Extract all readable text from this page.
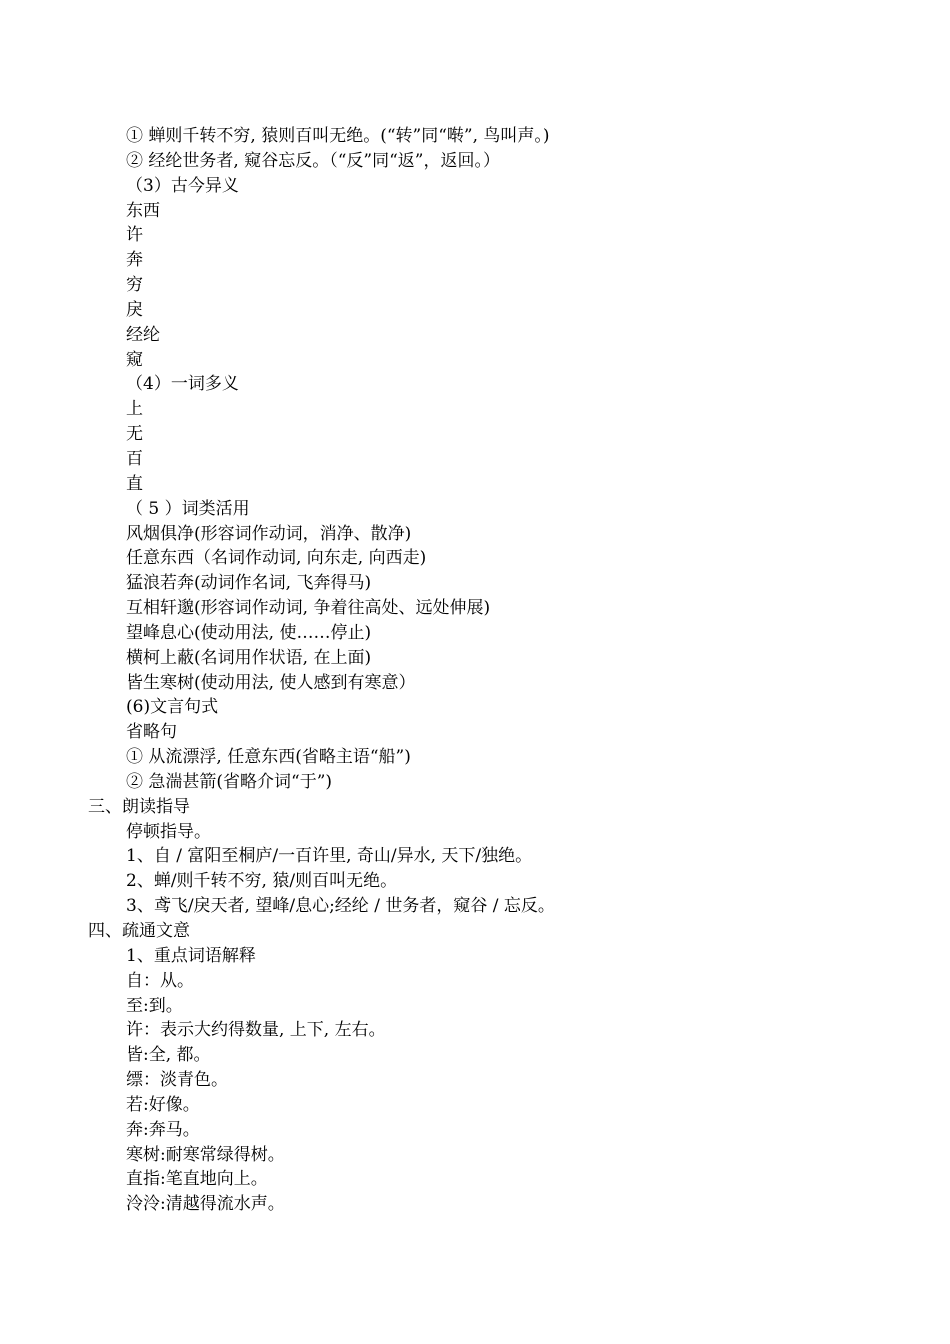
① 蝉则千转不穷, 猿则百叫无绝。(“转”同“啭”, 鸟叫声。)
② 经纶世务者, 窥谷忘反。（“反”同“返”，返回。）
（3）古今异义
东西
许
奔
穷
戾
经纶
窥
（4）一词多义
上
无
百
直
（ 5 ）词类活用
风烟俱净(形容词作动词，消净、散净)
任意东西（名词作动词, 向东走, 向西走)
猛浪若奔(动词作名词, 飞奔得马)
互相轩邈(形容词作动词, 争着往高处、远处伸展)
望峰息心(使动用法, 使……停止)
横柯上蔽(名词用作状语, 在上面)
皆生寒树(使动用法, 使人感到有寒意）
(6)文言句式
省略句
① 从流漂浮, 任意东西(省略主语“船”)
② 急湍甚箭(省略介词“于”)
三、朗读指导
停顿指导。
1、自 / 富阳至桐庐/一百许里, 奇山/异水, 天下/独绝。
2、蝉/则千转不穷, 猿/则百叫无绝。
3、鸢飞/戾天者, 望峰/息心;经纶 / 世务者，窥谷 / 忘反。
四、疏通文意
1、重点词语解释
自：从。
至:到。
许：表示大约得数量, 上下, 左右。
皆:全, 都。
缥：淡青色。
若:好像。
奔:奔马。
寒树:耐寒常绿得树。
直指:笔直地向上。
泠泠:清越得流水声。
